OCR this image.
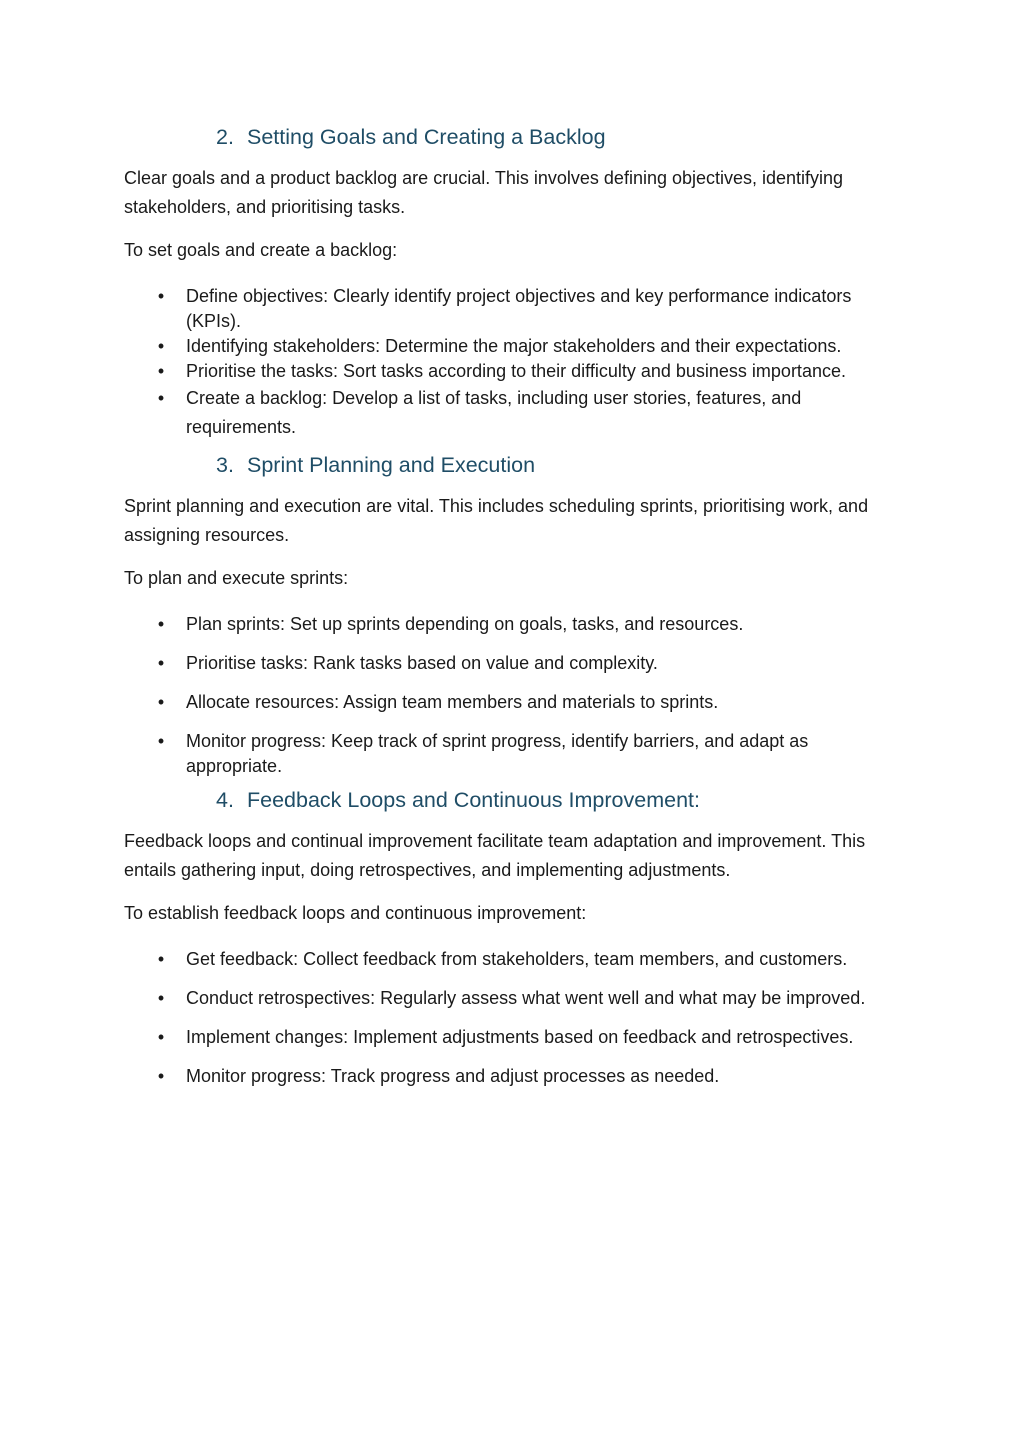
2. Setting Goals and Creating a Backlog

Clear goals and a product backlog are crucial. This involves defining objectives, identifying stakeholders, and prioritising tasks.

To set goals and create a backlog:

• Define objectives: Clearly identify project objectives and key performance indicators (KPIs).
• Identifying stakeholders: Determine the major stakeholders and their expectations.
• Prioritise the tasks: Sort tasks according to their difficulty and business importance.
• Create a backlog: Develop a list of tasks, including user stories, features, and requirements.
3. Sprint Planning and Execution

Sprint planning and execution are vital. This includes scheduling sprints, prioritising work, and assigning resources.

To plan and execute sprints:

• Plan sprints: Set up sprints depending on goals, tasks, and resources.
• Prioritise tasks: Rank tasks based on value and complexity.
• Allocate resources: Assign team members and materials to sprints.
• Monitor progress: Keep track of sprint progress, identify barriers, and adapt as appropriate.
4. Feedback Loops and Continuous Improvement:

Feedback loops and continual improvement facilitate team adaptation and improvement. This entails gathering input, doing retrospectives, and implementing adjustments.

To establish feedback loops and continuous improvement:

• Get feedback: Collect feedback from stakeholders, team members, and customers.
• Conduct retrospectives: Regularly assess what went well and what may be improved.
• Implement changes: Implement adjustments based on feedback and retrospectives.
• Monitor progress: Track progress and adjust processes as needed.
